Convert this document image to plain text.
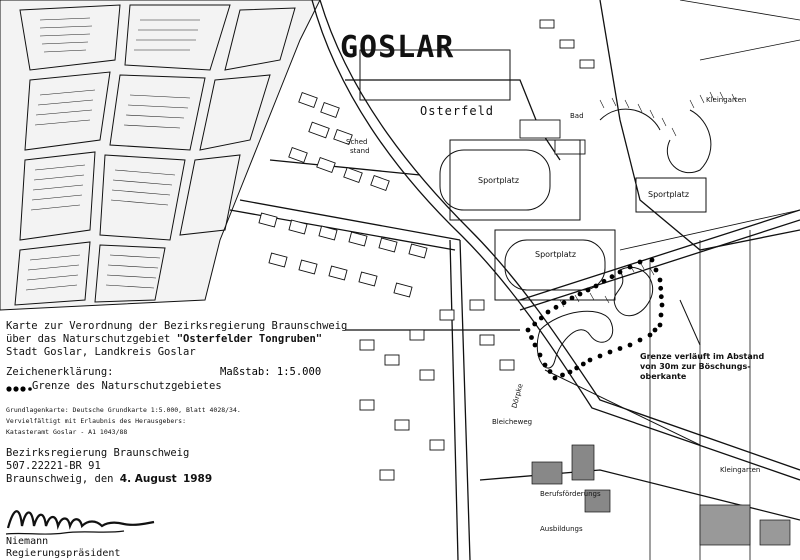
GOSLAR
Osterfeld
Sportplatz
Sportplatz
Sportplatz
Dörpke
Bleicheweg
Sched
stand
Bad
Kleingarten
Berufsförderungs
Ausbildungs
Kleingarten
Grenze verläuft im Abstand von 30m zur Böschungs-oberkante
Karte zur Verordnung der Bezirksregierung Braunschweig
über das Naturschutzgebiet "Osterfelder Tongruben"
Stadt Goslar, Landkreis Goslar
Zeichenerklärung:	Maßstab: 1:5.000
Grenze des Naturschutzgebietes
Grundlagenkarte: Deutsche Grundkarte 1:5.000, Blatt 4028/34.
Vervielfältigt mit Erlaubnis des Herausgebers:
Katasteramt Goslar - A1 1043/88
Bezirksregierung Braunschweig
507.22221-BR 91
Braunschweig, den 4. August 1989
Niemann
Regierungspräsident
